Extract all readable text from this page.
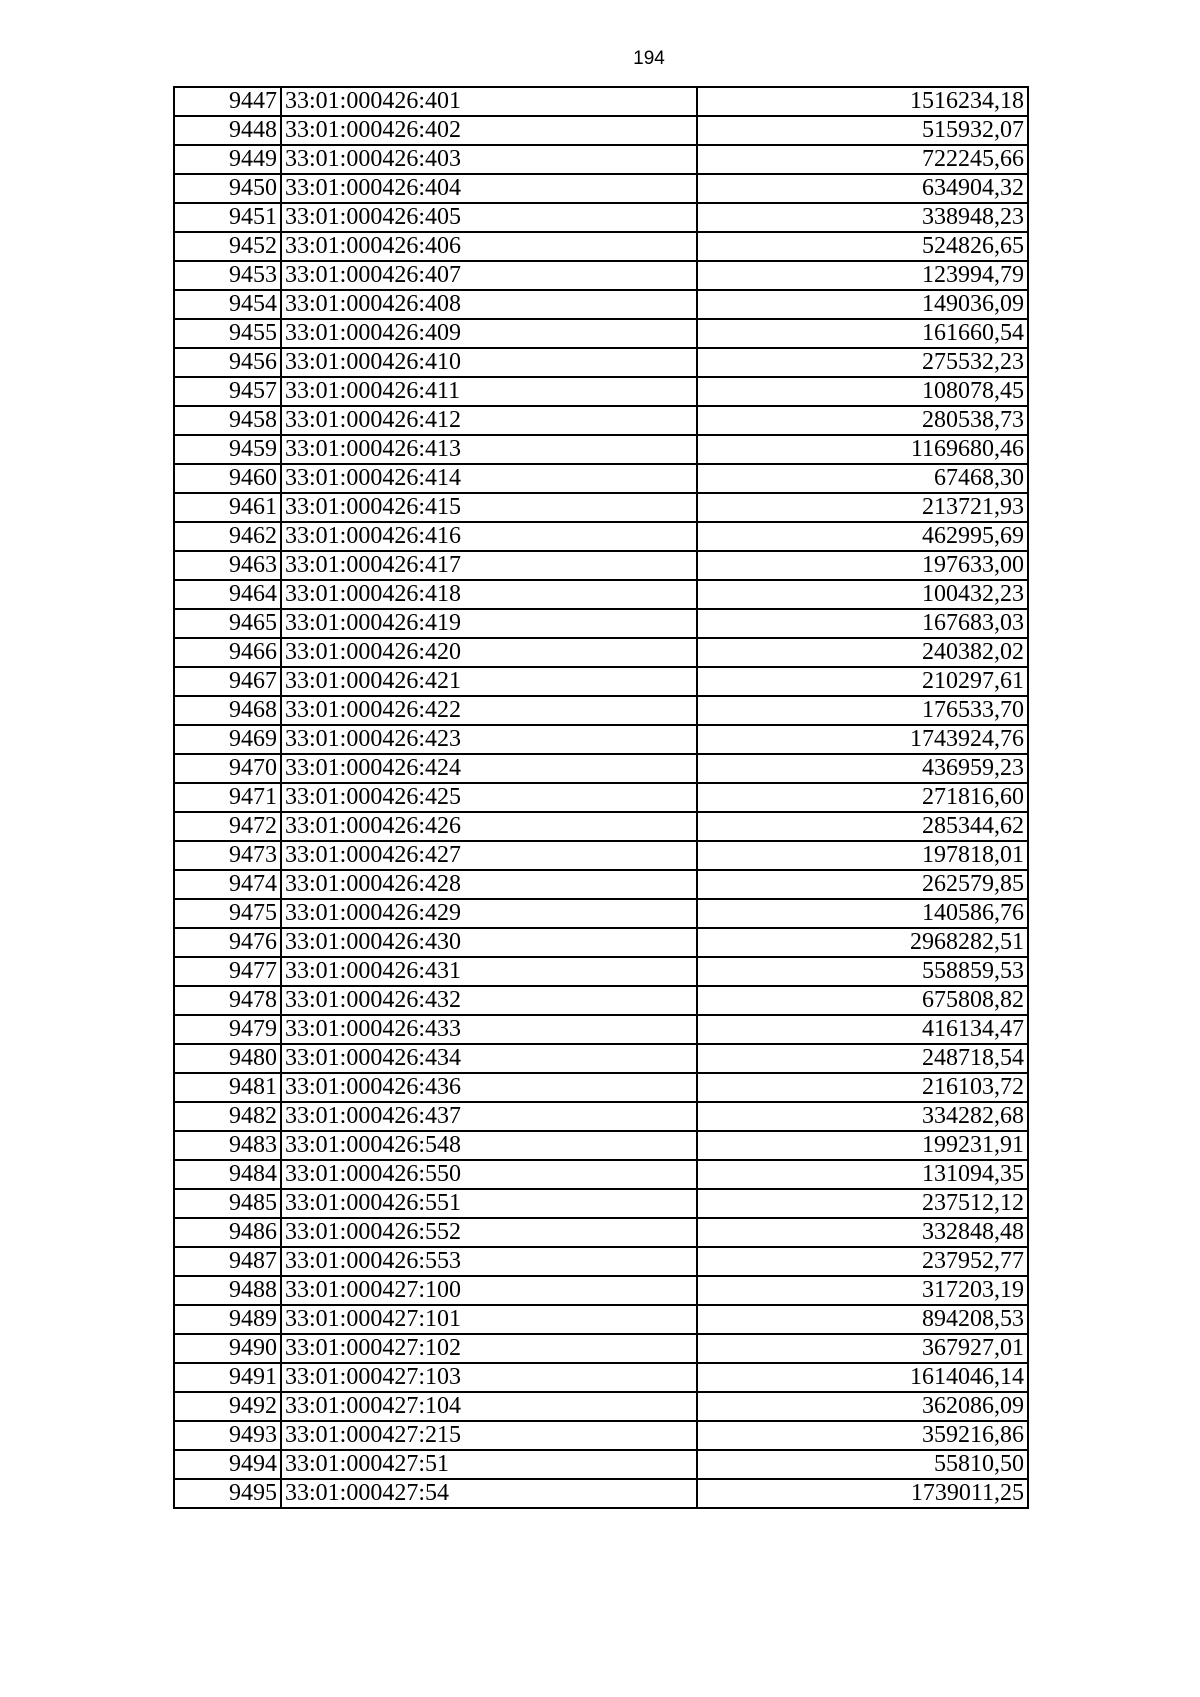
194
9447	33:01:000426:401	1516234,18
9448	33:01:000426:402	515932,07
9449	33:01:000426:403	722245,66
9450	33:01:000426:404	634904,32
9451	33:01:000426:405	338948,23
9452	33:01:000426:406	524826,65
9453	33:01:000426:407	123994,79
9454	33:01:000426:408	149036,09
9455	33:01:000426:409	161660,54
9456	33:01:000426:410	275532,23
9457	33:01:000426:411	108078,45
9458	33:01:000426:412	280538,73
9459	33:01:000426:413	1169680,46
9460	33:01:000426:414	67468,30
9461	33:01:000426:415	213721,93
9462	33:01:000426:416	462995,69
9463	33:01:000426:417	197633,00
9464	33:01:000426:418	100432,23
9465	33:01:000426:419	167683,03
9466	33:01:000426:420	240382,02
9467	33:01:000426:421	210297,61
9468	33:01:000426:422	176533,70
9469	33:01:000426:423	1743924,76
9470	33:01:000426:424	436959,23
9471	33:01:000426:425	271816,60
9472	33:01:000426:426	285344,62
9473	33:01:000426:427	197818,01
9474	33:01:000426:428	262579,85
9475	33:01:000426:429	140586,76
9476	33:01:000426:430	2968282,51
9477	33:01:000426:431	558859,53
9478	33:01:000426:432	675808,82
9479	33:01:000426:433	416134,47
9480	33:01:000426:434	248718,54
9481	33:01:000426:436	216103,72
9482	33:01:000426:437	334282,68
9483	33:01:000426:548	199231,91
9484	33:01:000426:550	131094,35
9485	33:01:000426:551	237512,12
9486	33:01:000426:552	332848,48
9487	33:01:000426:553	237952,77
9488	33:01:000427:100	317203,19
9489	33:01:000427:101	894208,53
9490	33:01:000427:102	367927,01
9491	33:01:000427:103	1614046,14
9492	33:01:000427:104	362086,09
9493	33:01:000427:215	359216,86
9494	33:01:000427:51	55810,50
9495	33:01:000427:54	1739011,25
